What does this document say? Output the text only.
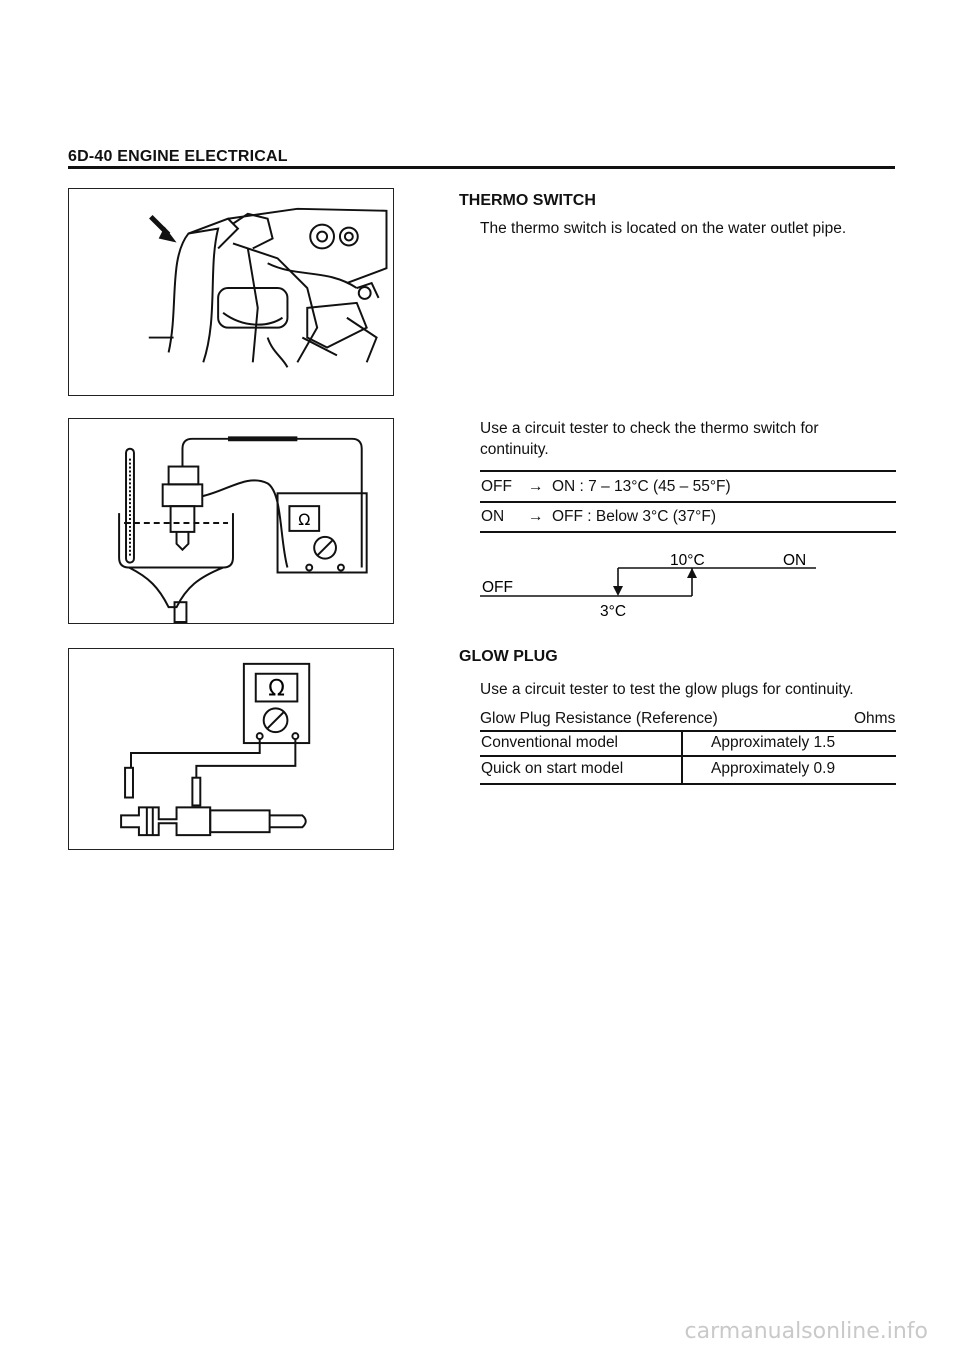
6D-40 ENGINE ELECTRICAL
Ω
Ω
THERMO SWITCH
The thermo switch is located on the water outlet pipe.
Use a circuit tester to check the thermo switch for continuity.
OFF → ON : 7 – 13°C (45 – 55°F)
ON → OFF : Below 3°C (37°F)
OFF
ON
10°C
3°C
GLOW PLUG
Use a circuit tester to test the glow plugs for continuity.
Glow Plug Resistance (Reference)	Ohms
Conventional model	Approximately 1.5
Quick on start model	Approximately 0.9
carmanualsonline.info
